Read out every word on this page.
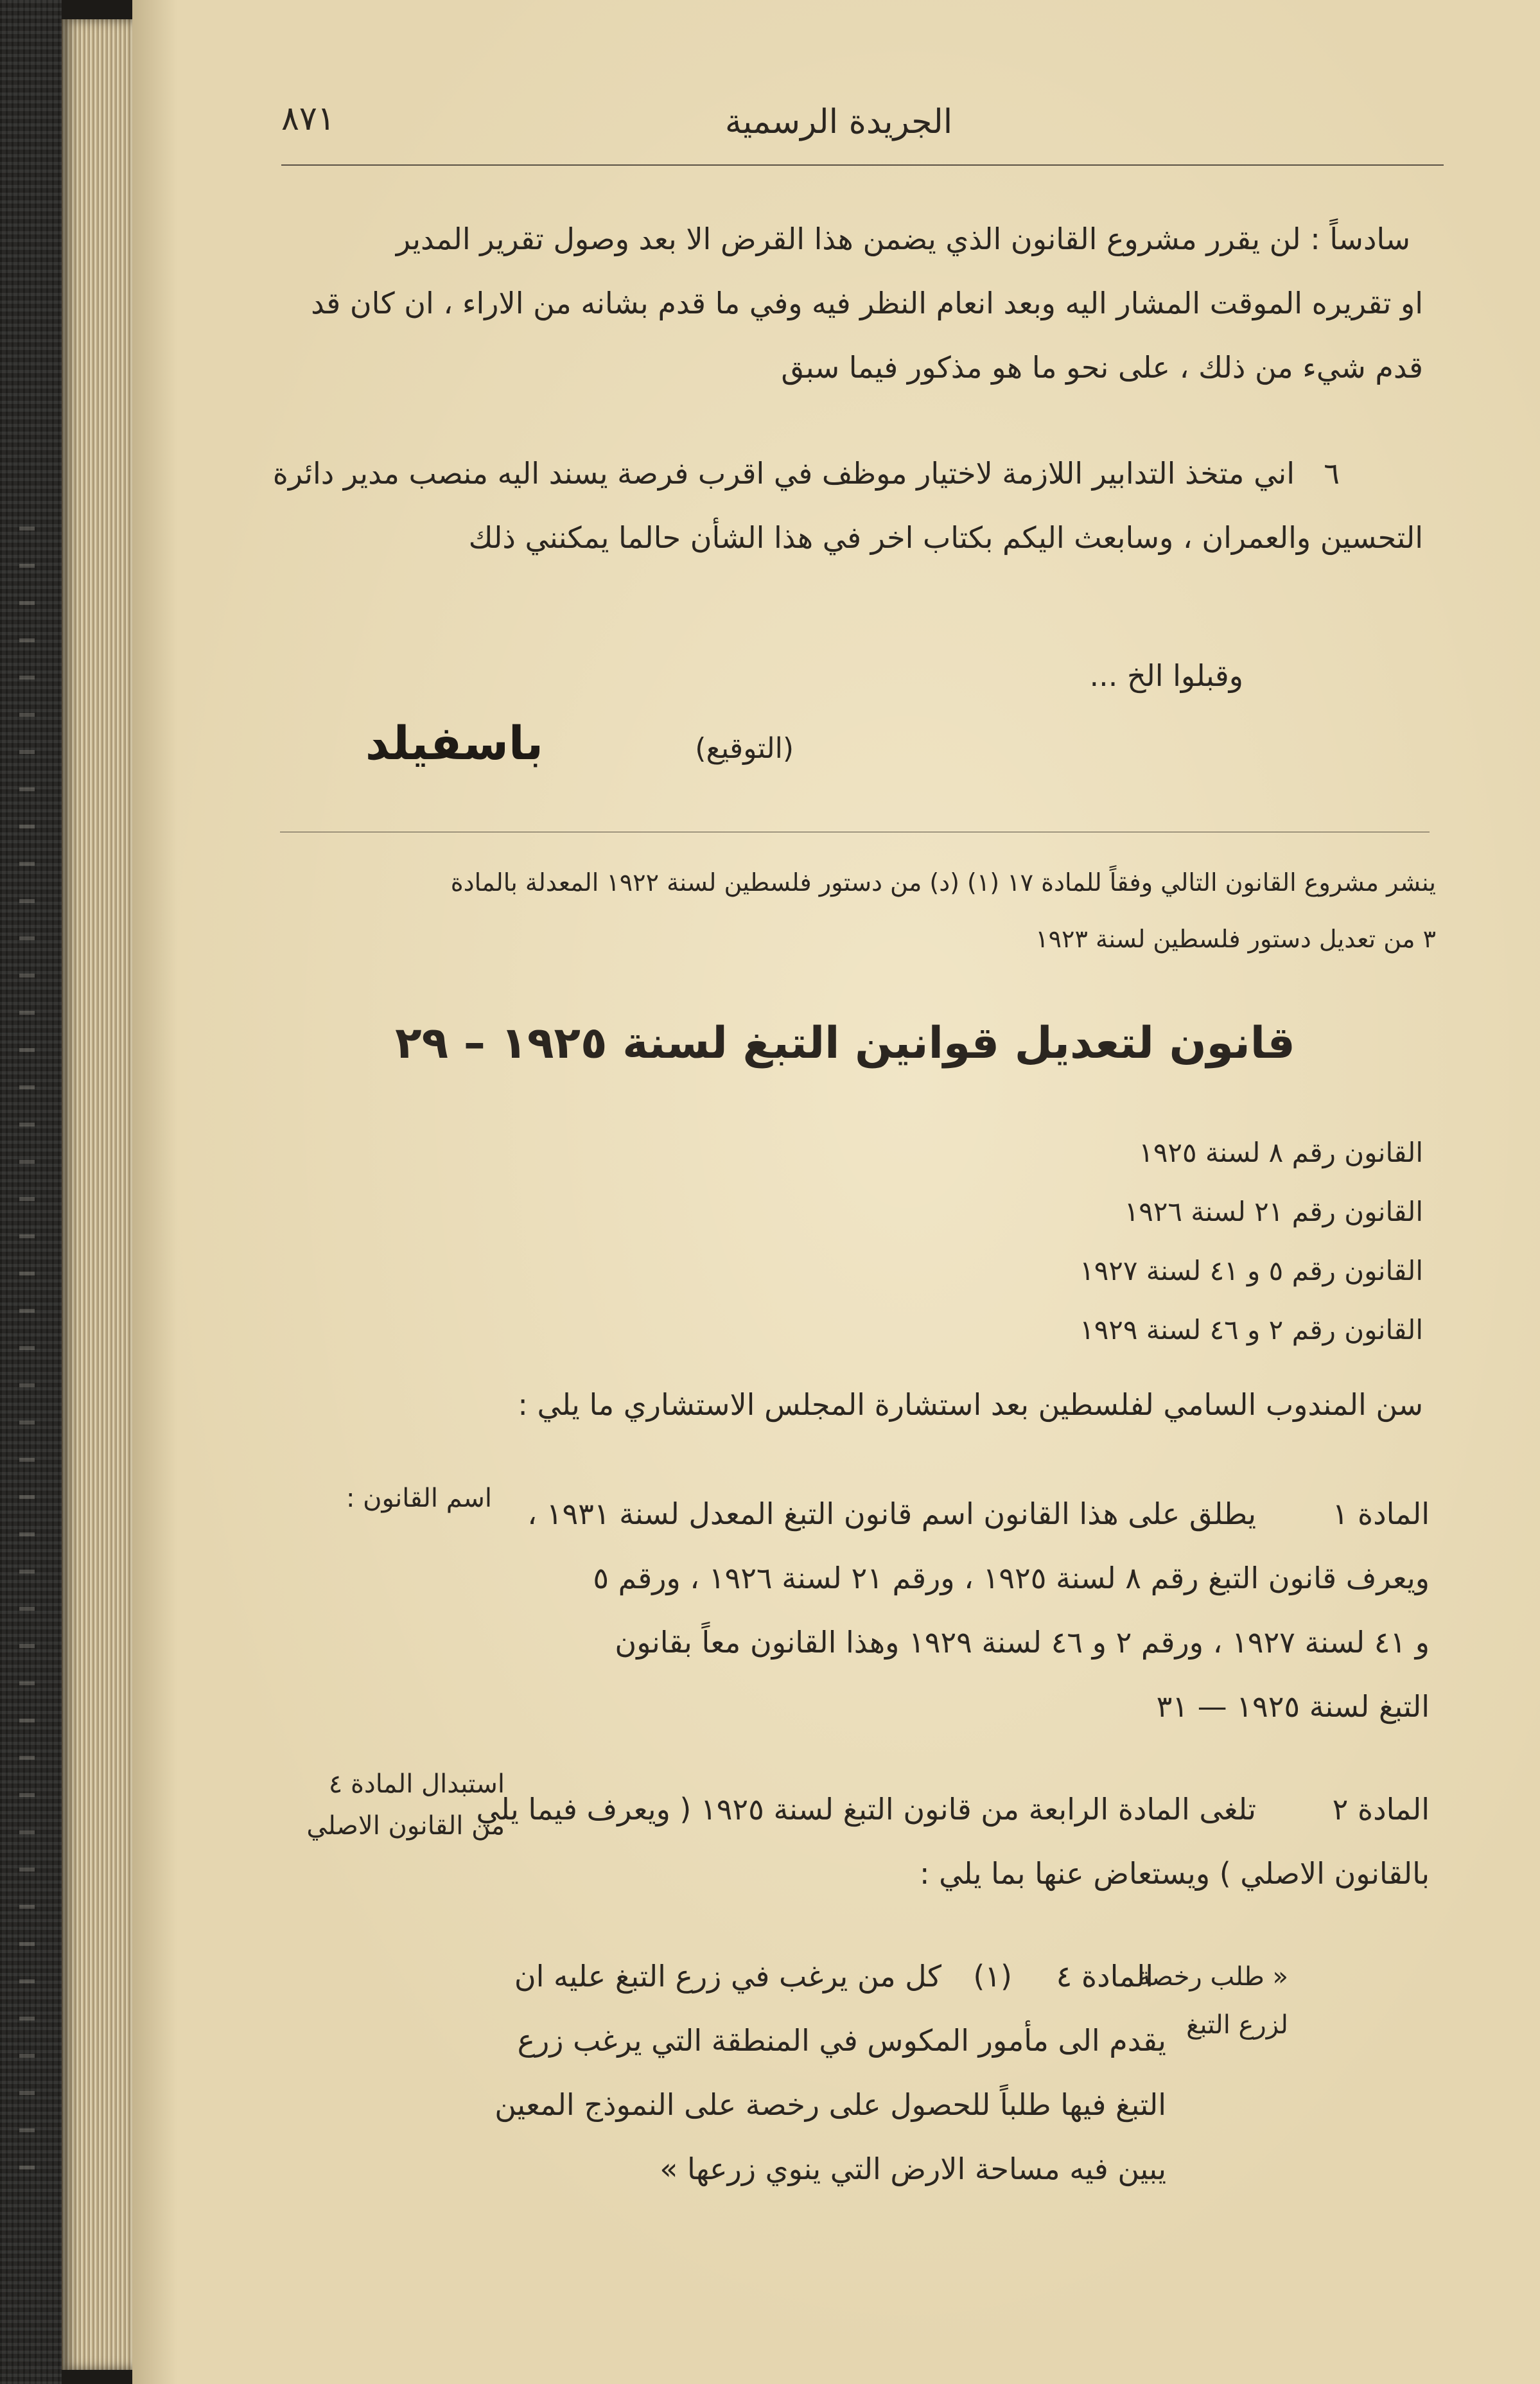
٨٧١	الجريدة الرسمية
سادساً : لن يقرر مشروع القانون الذي يضمن هذا القرض الا بعد وصول تقرير المدير
او تقريره الموقت المشار اليه وبعد انعام النظر فيه وفي ما قدم بشانه من الاراء ، ان كان قد
قدم شيء من ذلك ، على نحو ما هو مذكور فيما سبق
٦
اني متخذ التدابير اللازمة لاختيار موظف في اقرب فرصة يسند اليه منصب مدير دائرة
التحسين والعمران ، وسابعث اليكم بكتاب اخر في هذا الشأن حالما يمكنني ذلك
وقبلوا الخ ...
(التوقيع)
باسفيلد
ينشر مشروع القانون التالي وفقاً للمادة ١٧ (١) (د) من دستور فلسطين لسنة ١٩٢٢ المعدلة بالمادة
٣ من تعديل دستور فلسطين لسنة ١٩٢٣
قانون لتعديل قوانين التبغ لسنة ١٩٢٥ – ٢٩
القانون رقم ٨ لسنة ١٩٢٥
القانون رقم ٢١ لسنة ١٩٢٦
القانون رقم ٥ و ٤١ لسنة ١٩٢٧
القانون رقم ٢ و ٤٦ لسنة ١٩٢٩
سن المندوب السامي لفلسطين بعد استشارة المجلس الاستشاري ما يلي :
اسم القانون :	المادة ١
يطلق على هذا القانون اسم قانون التبغ المعدل لسنة ١٩٣١ ،
ويعرف قانون التبغ رقم ٨ لسنة ١٩٢٥ ، ورقم ٢١ لسنة ١٩٢٦ ، ورقم ٥
و ٤١ لسنة ١٩٢٧ ، ورقم ٢ و ٤٦ لسنة ١٩٢٩ وهذا القانون معاً بقانون
التبغ لسنة ١٩٢٥ — ٣١
استبدال المادة ٤
من القانون الاصلي	المادة ٢
تلغى المادة الرابعة من قانون التبغ لسنة ١٩٢٥ ( ويعرف فيما يلي
بالقانون الاصلي ) ويستعاض عنها بما يلي :
« طلب رخصة
لزرع التبغ
المادة ٤
(١)
كل من يرغب في زرع التبغ عليه ان
يقدم الى مأمور المكوس في المنطقة التي يرغب زرع
التبغ فيها طلباً للحصول على رخصة على النموذج المعين
يبين فيه مساحة الارض التي ينوي زرعها »
